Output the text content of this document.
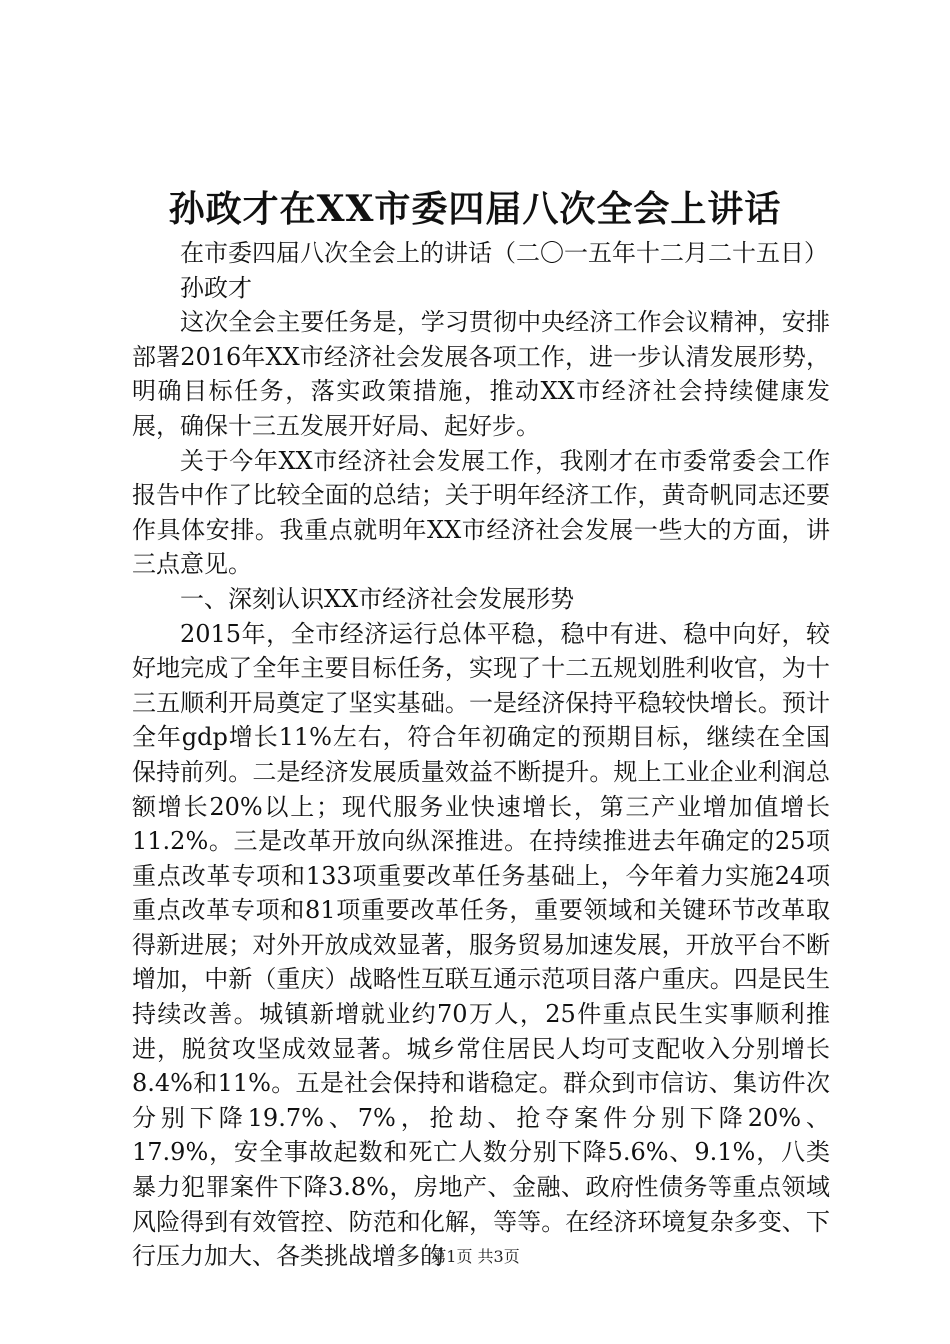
孙政才在XX市委四届八次全会上讲话

在市委四届八次全会上的讲话（二〇一五年十二月二十五日）

孙政才

这次全会主要任务是，学习贯彻中央经济工作会议精神，安排部署2016年XX市经济社会发展各项工作，进一步认清发展形势，明确目标任务，落实政策措施，推动XX市经济社会持续健康发展，确保十三五发展开好局、起好步。

关于今年XX市经济社会发展工作，我刚才在市委常委会工作报告中作了比较全面的总结；关于明年经济工作，黄奇帆同志还要作具体安排。我重点就明年XX市经济社会发展一些大的方面，讲三点意见。

一、深刻认识XX市经济社会发展形势

2015年，全市经济运行总体平稳，稳中有进、稳中向好，较好地完成了全年主要目标任务，实现了十二五规划胜利收官，为十三五顺利开局奠定了坚实基础。一是经济保持平稳较快增长。预计全年gdp增长11%左右，符合年初确定的预期目标，继续在全国保持前列。二是经济发展质量效益不断提升。规上工业企业利润总额增长20%以上；现代服务业快速增长，第三产业增加值增长11.2%。三是改革开放向纵深推进。在持续推进去年确定的25项重点改革专项和133项重要改革任务基础上，今年着力实施24项重点改革专项和81项重要改革任务，重要领域和关键环节改革取得新进展；对外开放成效显著，服务贸易加速发展，开放平台不断增加，中新（重庆）战略性互联互通示范项目落户重庆。四是民生持续改善。城镇新增就业约70万人，25件重点民生实事顺利推进，脱贫攻坚成效显著。城乡常住居民人均可支配收入分别增长8.4%和11%。五是社会保持和谐稳定。群众到市信访、集访件次分别下降19.7%、7%，抢劫、抢夺案件分别下降20%、17.9%，安全事故起数和死亡人数分别下降5.6%、9.1%，八类暴力犯罪案件下降3.8%，房地产、金融、政府性债务等重点领域风险得到有效管控、防范和化解，等等。在经济环境复杂多变、下行压力加大、各类挑战增多的

第1页 共3页
